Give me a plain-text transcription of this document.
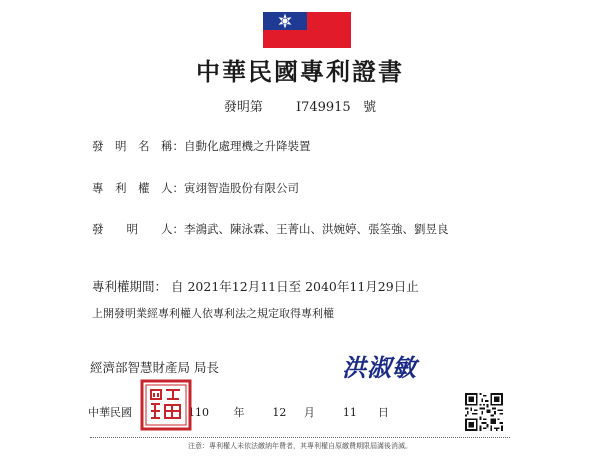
中華民國專利證書
發明第	I749915 號
發　明　名　稱：自動化處理機之升降裝置
專　利　權　人：寅翊智造股份有限公司
發　　明　　人：李鴻武、陳泳霖、王菁山、洪婉婷、張筌強、劉昱良
專利權期間： 自 2021年12月11日至 2040年11月29日止
上開發明業經專利權人依專利法之規定取得專利權
經濟部智慧財產局 局長	洪淑敏
中華民國	110 年	12 月	11 日
注意：專利權人未依法繳納年費者，其專利權自原繳費期限屆滿後消滅。
